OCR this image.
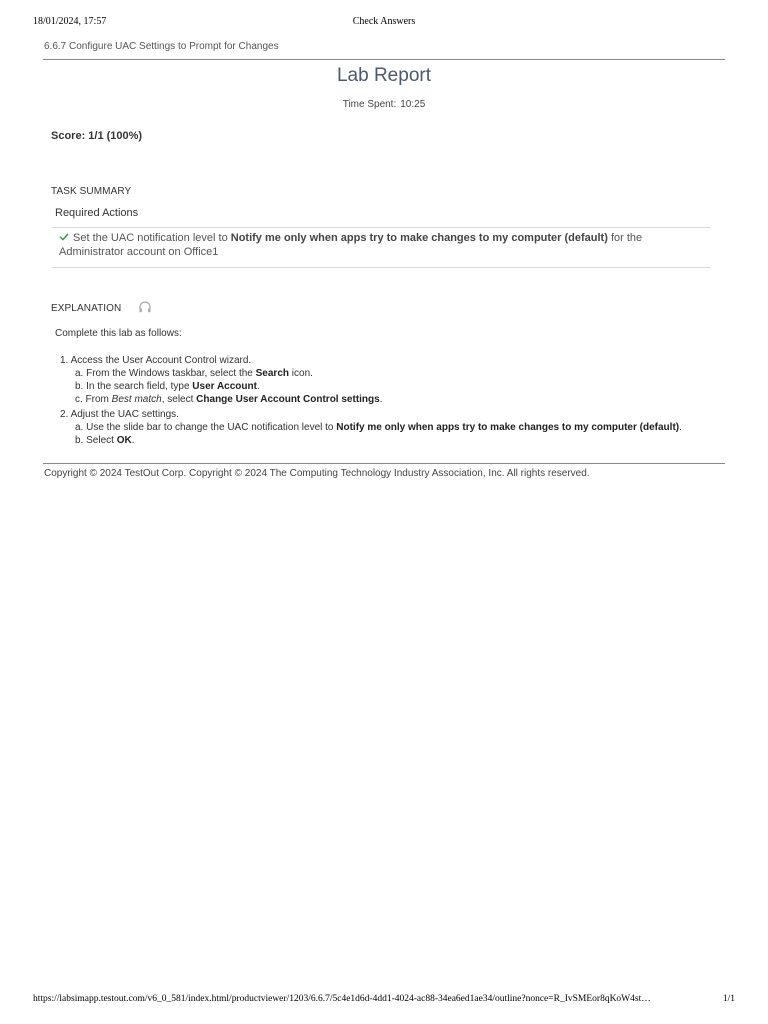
18/01/2024, 17:57	Check Answers
6.6.7 Configure UAC Settings to Prompt for Changes
Lab Report
Time Spent: 10:25
Score: 1/1 (100%)
TASK SUMMARY
Required Actions
Set the UAC notification level to Notify me only when apps try to make changes to my computer (default) for the Administrator account on Office1
EXPLANATION
Complete this lab as follows:
1. Access the User Account Control wizard.
a. From the Windows taskbar, select the Search icon.
b. In the search field, type User Account.
c. From Best match, select Change User Account Control settings.
2. Adjust the UAC settings.
a. Use the slide bar to change the UAC notification level to Notify me only when apps try to make changes to my computer (default).
b. Select OK.
Copyright © 2024 TestOut Corp. Copyright © 2024 The Computing Technology Industry Association, Inc. All rights reserved.
https://labsimapp.testout.com/v6_0_581/index.html/productviewer/1203/6.6.7/5c4e1d6d-4dd1-4024-ac88-34ea6ed1ae34/outline?nonce=R_IvSMEor8qKoW4st…	1/1
